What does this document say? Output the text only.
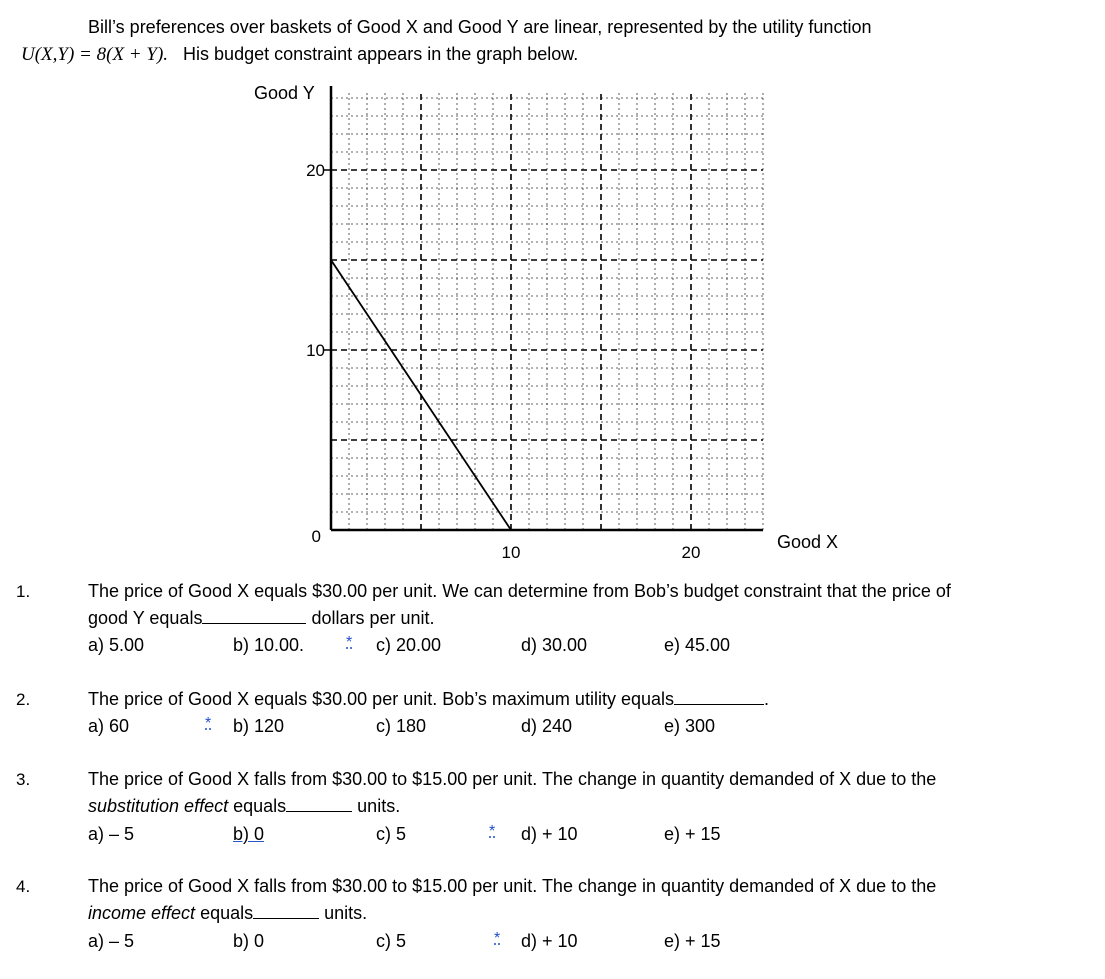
Bill’s preferences over baskets of Good X and Good Y are linear, represented by the utility function
U(X,Y) = 8(X + Y). His budget constraint appears in the graph below.
Good Y
Good X
0
10
20
10	20
1.	The price of Good X equals $30.00 per unit. We can determine from Bob’s budget constraint that the price of
good Y equals	dollars per unit.
a) 5.00	b) 10.00.	* c) 20.00	d) 30.00	e) 45.00
2.	The price of Good X equals $30.00 per unit. Bob’s maximum utility equals	.
a) 60	* b) 120	c) 180	d) 240	e) 300
3.	The price of Good X falls from $30.00 to $15.00 per unit. The change in quantity demanded of X due to the
substitution effect equals	units.
a) – 5	b) 0	c) 5	* d) + 10	e) + 15
4.	The price of Good X falls from $30.00 to $15.00 per unit. The change in quantity demanded of X due to the
income effect equals	units.
a) – 5	b) 0	c) 5	* d) + 10	e) + 15
